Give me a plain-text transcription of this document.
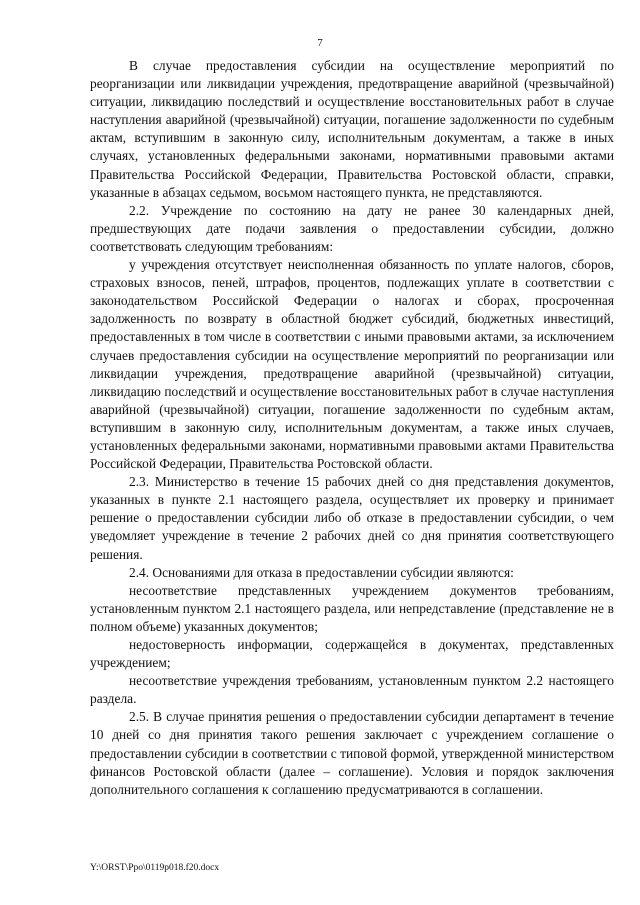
7

В случае предоставления субсидии на осуществление мероприятий по реорганизации или ликвидации учреждения, предотвращение аварийной (чрезвычайной) ситуации, ликвидацию последствий и осуществление восстановительных работ в случае наступления аварийной (чрезвычайной) ситуации, погашение задолженности по судебным актам, вступившим в законную силу, исполнительным документам, а также в иных случаях, установленных федеральными законами, нормативными правовыми актами Правительства Российской Федерации, Правительства Ростовской области, справки, указанные в абзацах седьмом, восьмом настоящего пункта, не представляются.

2.2. Учреждение по состоянию на дату не ранее 30 календарных дней, предшествующих дате подачи заявления о предоставлении субсидии, должно соответствовать следующим требованиям:

у учреждения отсутствует неисполненная обязанность по уплате налогов, сборов, страховых взносов, пеней, штрафов, процентов, подлежащих уплате в соответствии с законодательством Российской Федерации о налогах и сборах, просроченная задолженность по возврату в областной бюджет субсидий, бюджетных инвестиций, предоставленных в том числе в соответствии с иными правовыми актами, за исключением случаев предоставления субсидии на осуществление мероприятий по реорганизации или ликвидации учреждения, предотвращение аварийной (чрезвычайной) ситуации, ликвидацию последствий и осуществление восстановительных работ в случае наступления аварийной (чрезвычайной) ситуации, погашение задолженности по судебным актам, вступившим в законную силу, исполнительным документам, а также иных случаев, установленных федеральными законами, нормативными правовыми актами Правительства Российской Федерации, Правительства Ростовской области.

2.3. Министерство в течение 15 рабочих дней со дня представления документов, указанных в пункте 2.1 настоящего раздела, осуществляет их проверку и принимает решение о предоставлении субсидии либо об отказе в предоставлении субсидии, о чем уведомляет учреждение в течение 2 рабочих дней со дня принятия соответствующего решения.

2.4. Основаниями для отказа в предоставлении субсидии являются:

несоответствие представленных учреждением документов требованиям, установленным пунктом 2.1 настоящего раздела, или непредставление (представление не в полном объеме) указанных документов;

недостоверность информации, содержащейся в документах, представленных учреждением;

несоответствие учреждения требованиям, установленным пунктом 2.2 настоящего раздела.

2.5. В случае принятия решения о предоставлении субсидии департамент в течение 10 дней со дня принятия такого решения заключает с учреждением соглашение о предоставлении субсидии в соответствии с типовой формой, утвержденной министерством финансов Ростовской области (далее – соглашение). Условия и порядок заключения дополнительного соглашения к соглашению предусматриваются в соглашении.

Y:\ORST\Ppo\0119p018.f20.docx
